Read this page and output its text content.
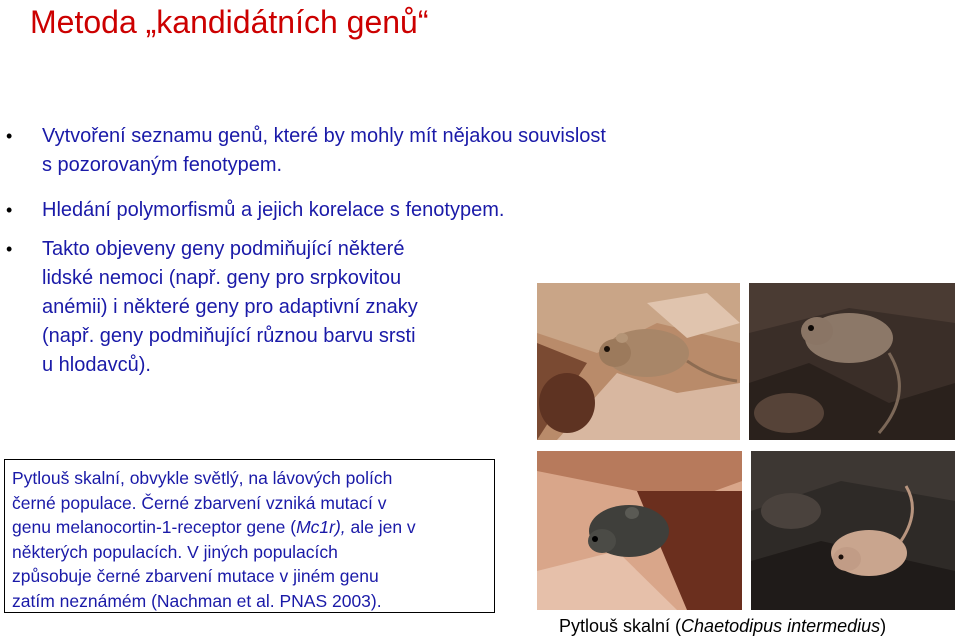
Metoda „kandidátních genů“
• Vytvoření seznamu genů, které by mohly mít nějakou souvislost
s pozorovaným fenotypem.
• Hledání polymorfismů a jejich korelace s fenotypem.
• Takto objeveny geny podmiňující některé
lidské nemoci (např. geny pro srpkovitou
anémii) i některé geny pro adaptivní znaky
(např. geny podmiňující různou barvu srsti
u hlodavců).
Pytlouš skalní, obvykle světlý, na lávových polích
černé populace. Černé zbarvení vzniká mutací v
genu melanocortin-1-receptor gene (Mc1r), ale jen v
některých populacích. V jiných populacích
způsobuje černé zbarvení mutace v jiném genu
zatím neznámém (Nachman et al. PNAS 2003).
Pytlouš skalní (Chaetodipus intermedius)
